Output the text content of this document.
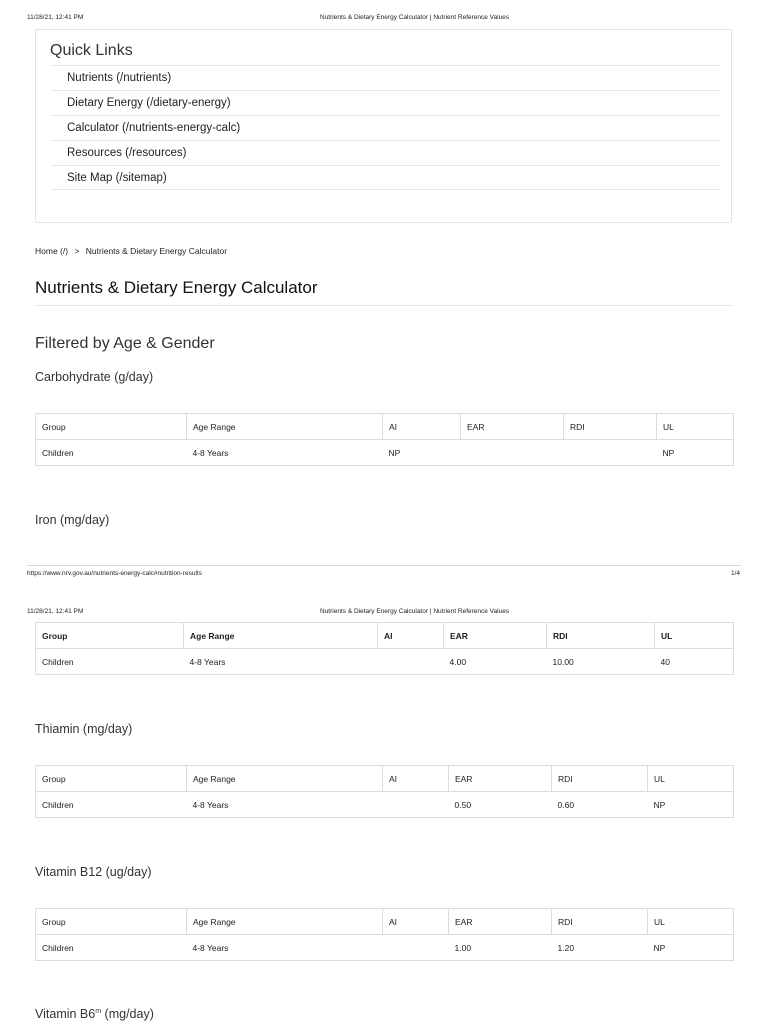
11/28/21, 12:41 PM	Nutrients & Dietary Energy Calculator | Nutrient Reference Values
Quick Links
Nutrients (/nutrients)
Dietary Energy (/dietary-energy)
Calculator (/nutrients-energy-calc)
Resources (/resources)
Site Map (/sitemap)
Home (/) > Nutrients & Dietary Energy Calculator
Nutrients & Dietary Energy Calculator
Filtered by Age & Gender
Carbohydrate (g/day)
Group	Age Range	AI	EAR	RDI	UL
Children	4-8 Years	NP			NP
Iron (mg/day)
https://www.nrv.gov.au/nutrients-energy-calc#nutrition-results	1/4
11/28/21, 12:41 PM	Nutrients & Dietary Energy Calculator | Nutrient Reference Values
Group	Age Range	AI	EAR	RDI	UL
Children	4-8 Years		4.00	10.00	40
Thiamin (mg/day)
Group	Age Range	AI	EAR	RDI	UL
Children	4-8 Years		0.50	0.60	NP
Vitamin B12 (ug/day)
Group	Age Range	AI	EAR	RDI	UL
Children	4-8 Years		1.00	1.20	NP
Vitamin B6$^m$ (mg/day)
